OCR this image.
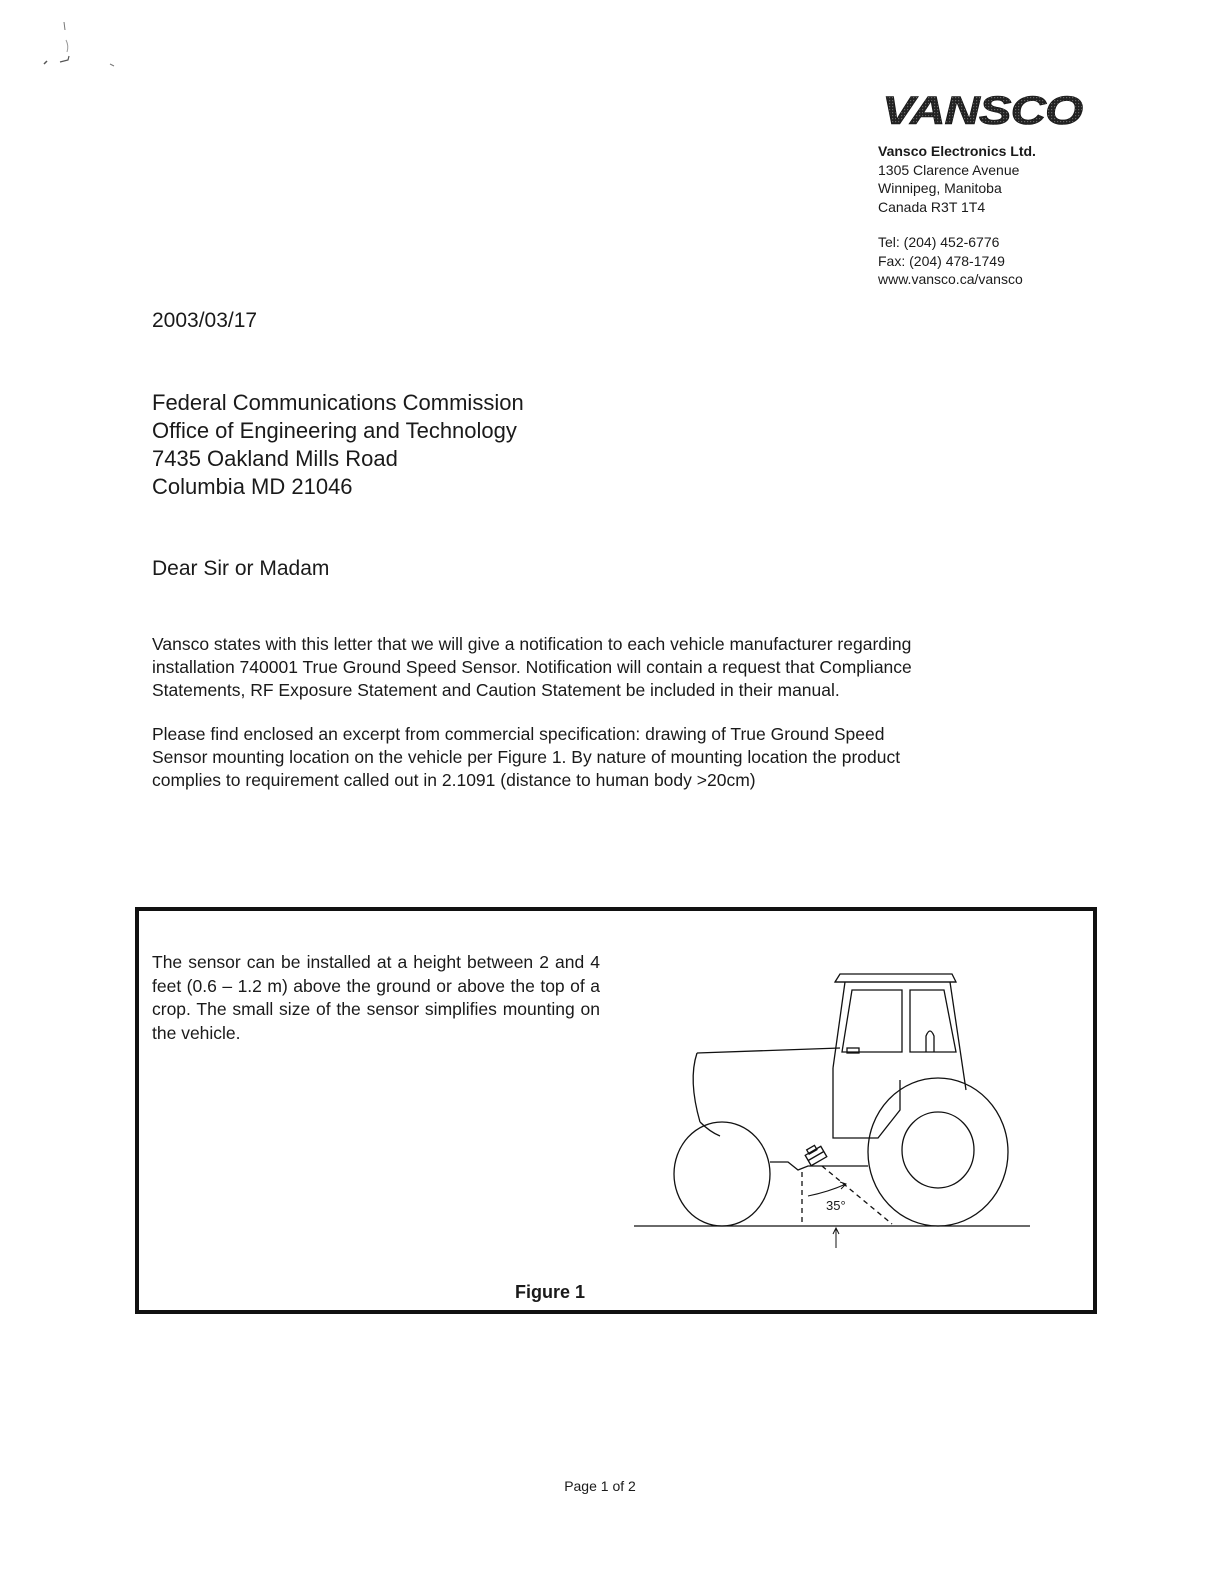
VANSCO
Vansco Electronics Ltd.
1305 Clarence Avenue
Winnipeg, Manitoba
Canada R3T 1T4
Tel: (204) 452-6776
Fax: (204) 478-1749
www.vansco.ca/vansco
2003/03/17
Federal Communications Commission
Office of Engineering and Technology
7435 Oakland Mills Road
Columbia MD 21046
Dear Sir or Madam
Vansco states with this letter that we will give a notification to each vehicle manufacturer regarding
installation 740001 True Ground Speed Sensor. Notification will contain a request that Compliance
Statements, RF Exposure Statement and Caution Statement be included in their manual.
Please find enclosed an excerpt from commercial specification: drawing of True Ground Speed
Sensor mounting location on the vehicle per Figure 1. By nature of mounting location the product
complies to requirement called out in 2.1091 (distance to human body >20cm)
The sensor can be installed at a height between 2 and 4 feet (0.6 – 1.2 m) above the ground or above the top of a crop. The small size of the sensor simplifies mounting on the vehicle.
35°
Figure 1
Page 1 of 2
